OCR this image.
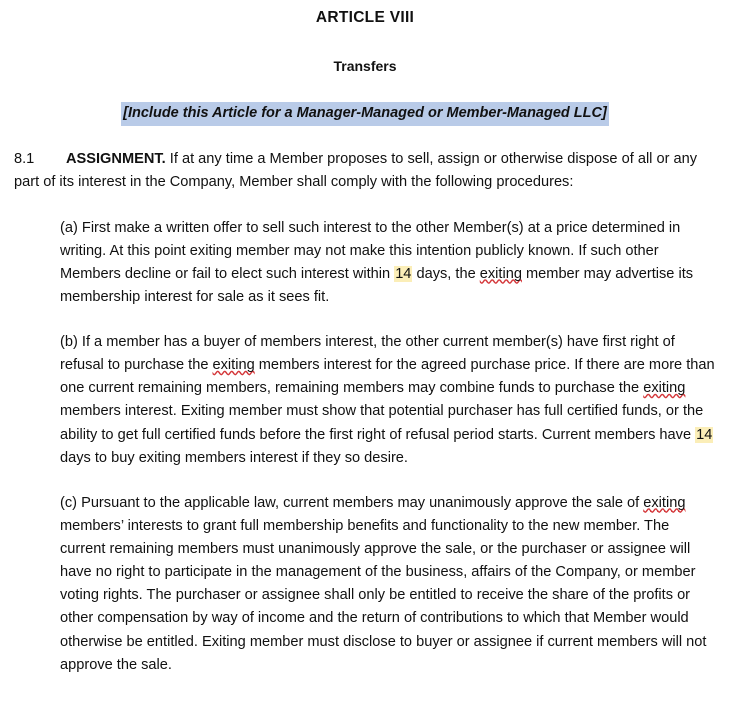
ARTICLE VIII
Transfers
[Include this Article for a Manager-Managed or Member-Managed LLC]

8.1 ASSIGNMENT. If at any time a Member proposes to sell, assign or otherwise dispose of all or any part of its interest in the Company, Member shall comply with the following procedures:

(a) First make a written offer to sell such interest to the other Member(s) at a price determined in writing. At this point exiting member may not make this intention publicly known. If such other Members decline or fail to elect such interest within 14 days, the exiting member may advertise its membership interest for sale as it sees fit.

(b) If a member has a buyer of members interest, the other current member(s) have first right of refusal to purchase the exiting members interest for the agreed purchase price. If there are more than one current remaining members, remaining members may combine funds to purchase the exiting members interest. Exiting member must show that potential purchaser has full certified funds, or the ability to get full certified funds before the first right of refusal period starts. Current members have 14 days to buy exiting members interest if they so desire.

(c) Pursuant to the applicable law, current members may unanimously approve the sale of exiting members’ interests to grant full membership benefits and functionality to the new member. The current remaining members must unanimously approve the sale, or the purchaser or assignee will have no right to participate in the management of the business, affairs of the Company, or member voting rights. The purchaser or assignee shall only be entitled to receive the share of the profits or other compensation by way of income and the return of contributions to which that Member would otherwise be entitled. Exiting member must disclose to buyer or assignee if current members will not approve the sale.
